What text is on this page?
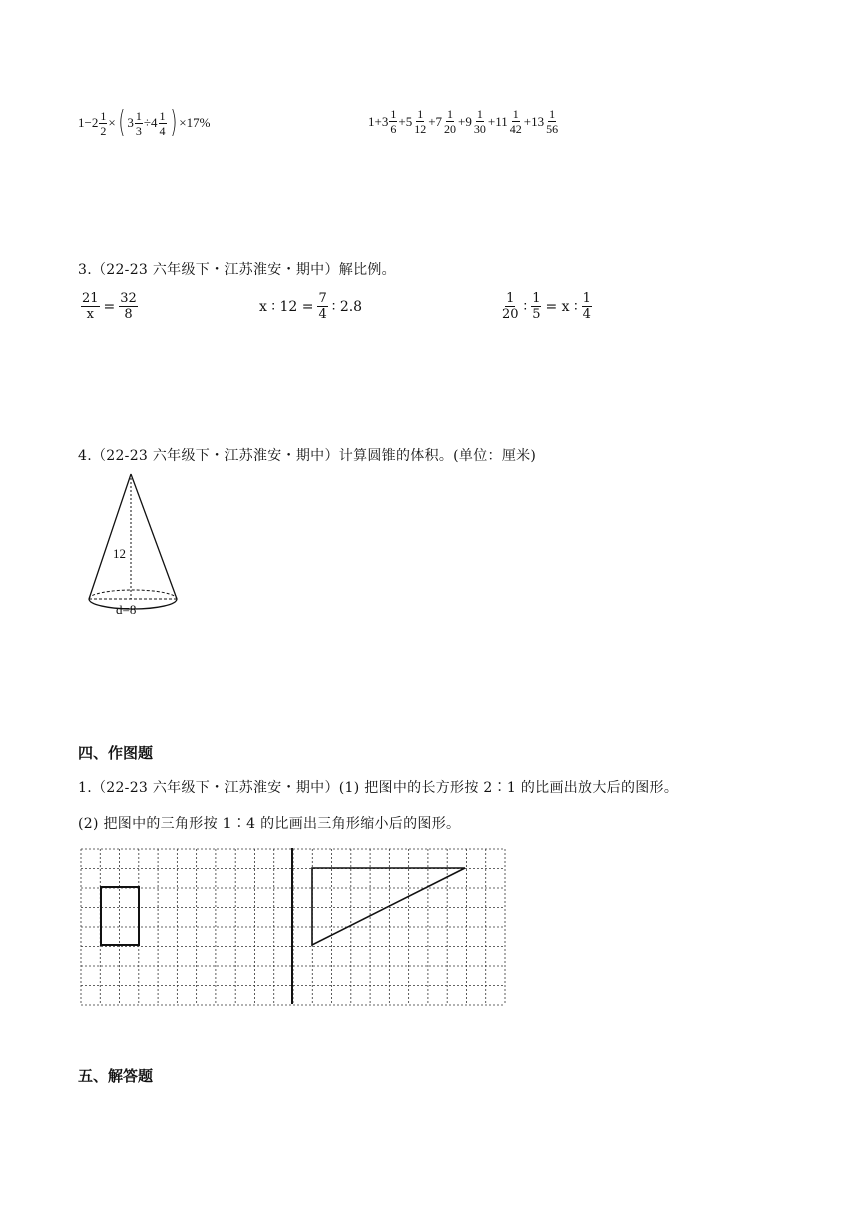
$1-2 \frac{1}{2}$ × ( $3 \frac{1}{3} \div 4 \frac{1}{4}$ ) ×17%	$1+ 3 \frac{1}{6} + 5 \frac{1}{12} + 7 \frac{1}{20} + 9 \frac{1}{30} + 11 \frac{1}{42} + 13 \frac{1}{56}$
3.（22-23 六年级下・江苏淮安・期中）解比例。
$\frac{21}{x} = \frac{32}{8}$	x ∶ $12 = \frac{7}{4}$ ∶ 2.8	$\frac{1}{20}$ ∶ $\frac{1}{5} = x$ ∶ $\frac{1}{4}$
4.（22-23 六年级下・江苏淮安・期中）计算圆锥的体积。(单位：厘米)
12
d=8
四、作图题
1.（22-23 六年级下・江苏淮安・期中）(1) 把图中的长方形按 2∶1 的比画出放大后的图形。
(2) 把图中的三角形按 1∶4 的比画出三角形缩小后的图形。
五、解答题
